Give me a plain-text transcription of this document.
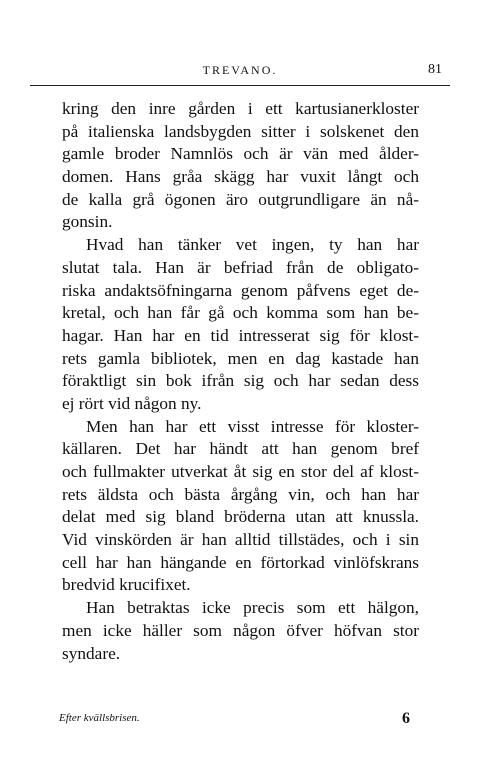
TREVANO.	81
kring den inre gården i ett kartusianerkloster
på italienska landsbygden sitter i solskenet den
gamle broder Namnlös och är vän med ålder-
domen. Hans gråa skägg har vuxit långt och
de kalla grå ögonen äro outgrundligare än nå-
gonsin.
Hvad han tänker vet ingen, ty han har
slutat tala. Han är befriad från de obligato-
riska andaktsöfningarna genom påfvens eget de-
kretal, och han får gå och komma som han be-
hagar. Han har en tid intresserat sig för klost-
rets gamla bibliotek, men en dag kastade han
föraktligt sin bok ifrån sig och har sedan dess
ej rört vid någon ny.
Men han har ett visst intresse för kloster-
källaren. Det har händt att han genom bref
och fullmakter utverkat åt sig en stor del af klost-
rets äldsta och bästa årgång vin, och han har
delat med sig bland bröderna utan att knussla.
Vid vinskörden är han alltid tillstädes, och i sin
cell har han hängande en förtorkad vinlöfskrans
bredvid krucifixet.
Han betraktas icke precis som ett hälgon,
men icke häller som någon öfver höfvan stor
syndare.
Efter kvällsbrisen.	6
